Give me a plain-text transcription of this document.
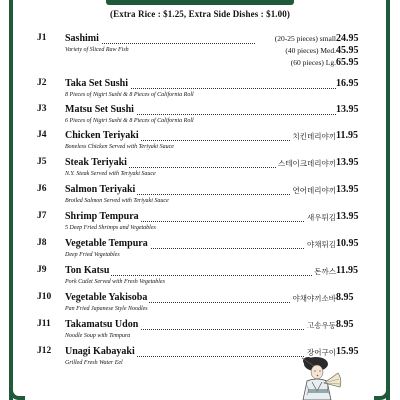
(Extra Rice : $1.25, Extra Side Dishes : $1.00)
J1 Sashimi
Variety of Sliced Raw Fish
(20-25 pieces) small 24.95
(40 pieces) Med. 45.95
(60 pieces) Lg. 65.95
J2 Taka Set Sushi	16.95
8 Pieces of Nigiri Sushi & 8 Pieces of California Roll
J3 Matsu Set Sushi	13.95
6 Pieces of Nigiri Sushi & 8 Pieces of California Roll
J4 Chicken Teriyaki	치킨데리야끼 11.95
Boneless Chicken Served with Teriyaki Sauce
J5 Steak Teriyaki	스테이크데리야끼 13.95
N.Y. Steak Served with Teriyaki Sauce
J6 Salmon Teriyaki	연어데리야끼 13.95
Broiled Salmon Served with Teriyaki Sauce
J7 Shrimp Tempura	새우튀김 13.95
5 Deep Fried Shrimps and Vegetables
J8 Vegetable Tempura	야채튀김 10.95
Deep Fried Vegetables
J9 Ton Katsu	돈까스 11.95
Pork Cutlet Served with Fresh Vegetables
J10 Vegetable Yakisoba	야채야끼소바 8.95
Pan Fried Japanese Style Noodles
J11 Takamatsu Udon	고송우동 8.95
Noodle Soup with Tempura
J12 Unagi Kabayaki	장어구이 15.95
Grilled Fresh Water Eel
